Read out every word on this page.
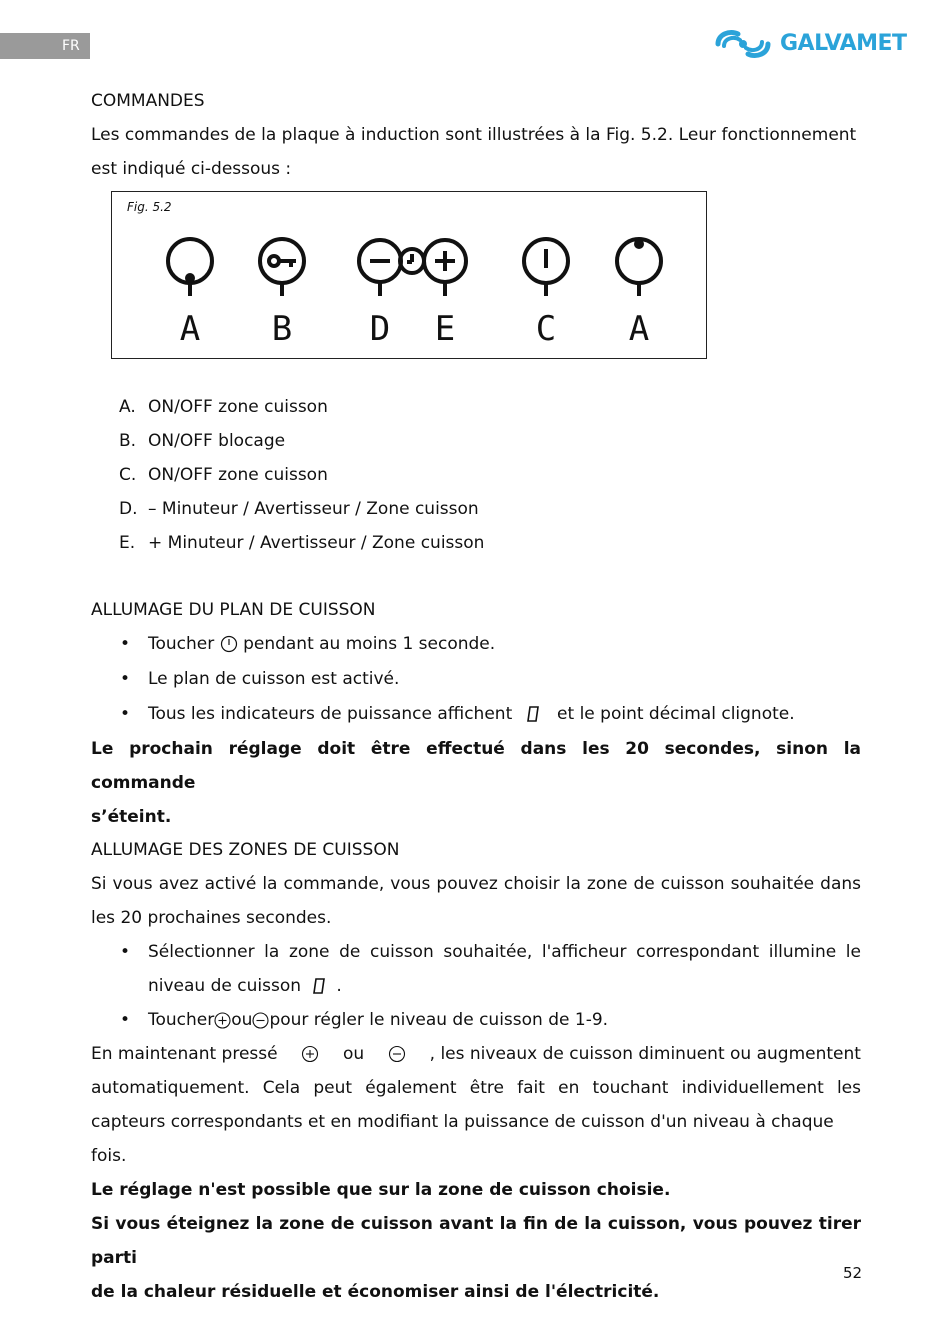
FR	GALVAMET

COMMANDES

Les commandes de la plaque à induction sont illustrées à la Fig. 5.2. Leur fonctionnement

est indiqué ci-dessous :

Fig. 5.2
A B D E C A
A. ON/OFF zone cuisson
B. ON/OFF blocage
C. ON/OFF zone cuisson
D. – Minuteur / Avertisseur / Zone cuisson
E. + Minuteur / Avertisseur / Zone cuisson

ALLUMAGE DU PLAN DE CUISSON

• Toucher pendant au moins 1 seconde.
• Le plan de cuisson est activé.
• Tous les indicateurs de puissance affichent	et le point décimal clignote.

Le prochain réglage doit être effectué dans les 20 secondes, sinon la commande

s’éteint.

ALLUMAGE DES ZONES DE CUISSON

Si vous avez activé la commande, vous pouvez choisir la zone de cuisson souhaitée dans

les 20 prochaines secondes.

• Sélectionner la zone de cuisson souhaitée, l'afficheur correspondant illumine le
niveau de cuisson .
• Toucher ou pour régler le niveau de cuisson de 1-9.

En maintenant pressé	ou	, les niveaux de cuisson diminuent ou augmentent

automatiquement. Cela peut également être fait en touchant individuellement les

capteurs correspondants et en modifiant la puissance de cuisson d'un niveau à chaque fois.

Le réglage n'est possible que sur la zone de cuisson choisie.

Si vous éteignez la zone de cuisson avant la fin de la cuisson, vous pouvez tirer parti

de la chaleur résiduelle et économiser ainsi de l'électricité.

52
